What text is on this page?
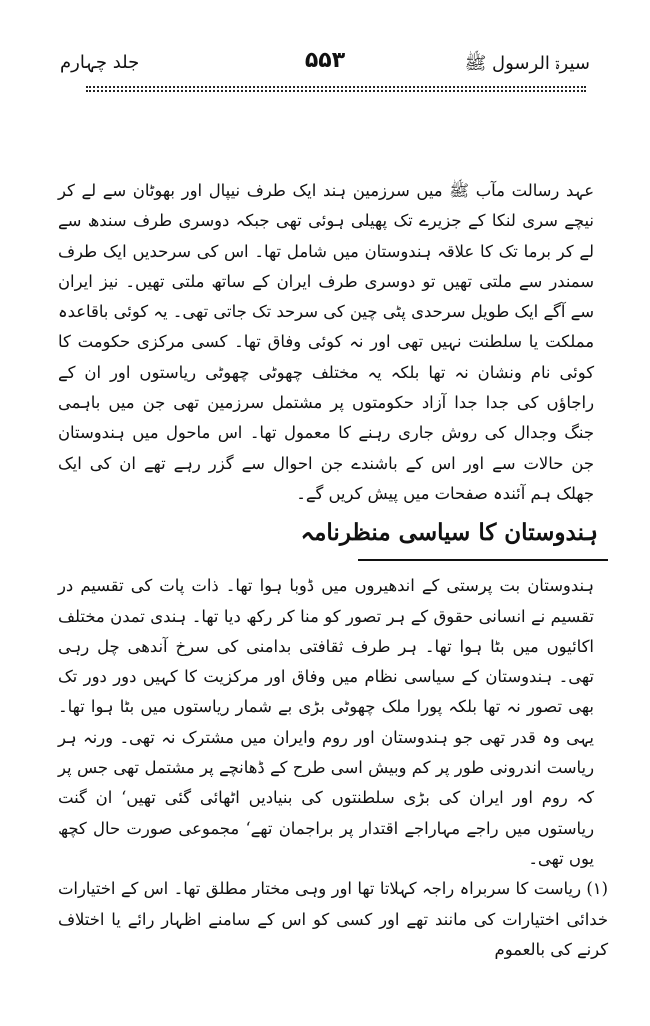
سیرۃ الرسول ﷺ
۵۵۳
جلد چہارم

عہد رسالت مآب ﷺ میں سرزمین ہند ایک طرف نیپال اور بھوٹان سے لے کر نیچے سری لنکا کے جزیرے تک پھیلی ہوئی تھی جبکہ دوسری طرف سندھ سے لے کر برما تک کا علاقہ ہندوستان میں شامل تھا۔ اس کی سرحدیں ایک طرف سمندر سے ملتی تھیں تو دوسری طرف ایران کے ساتھ ملتی تھیں۔ نیز ایران سے آگے ایک طویل سرحدی پٹی چین کی سرحد تک جاتی تھی۔ یہ کوئی باقاعدہ مملکت یا سلطنت نہیں تھی اور نہ کوئی وفاق تھا۔ کسی مرکزی حکومت کا کوئی نام ونشان نہ تھا بلکہ یہ مختلف چھوٹی چھوٹی ریاستوں اور ان کے راجاؤں کی جدا جدا آزاد حکومتوں پر مشتمل سرزمین تھی جن میں باہمی جنگ وجدال کی روش جاری رہنے کا معمول تھا۔ اس ماحول میں ہندوستان جن حالات سے اور اس کے باشندے جن احوال سے گزر رہے تھے ان کی ایک جھلک ہم آئندہ صفحات میں پیش کریں گے۔

ہندوستان کا سیاسی منظرنامہ

ہندوستان بت پرستی کے اندھیروں میں ڈوبا ہوا تھا۔ ذات پات کی تقسیم در تقسیم نے انسانی حقوق کے ہر تصور کو منا کر رکھ دیا تھا۔ ہندی تمدن مختلف اکائیوں میں بٹا ہوا تھا۔ ہر طرف ثقافتی بدامنی کی سرخ آندھی چل رہی تھی۔ ہندوستان کے سیاسی نظام میں وفاق اور مرکزیت کا کہیں دور دور تک بھی تصور نہ تھا بلکہ پورا ملک چھوٹی بڑی بے شمار ریاستوں میں بٹا ہوا تھا۔ یہی وہ قدر تھی جو ہندوستان اور روم وایران میں مشترک نہ تھی۔ ورنہ ہر ریاست اندرونی طور پر کم وبیش اسی طرح کے ڈھانچے پر مشتمل تھی جس پر کہ روم اور ایران کی بڑی سلطنتوں کی بنیادیں اٹھائی گئی تھیں‘ ان گنت ریاستوں میں راجے مہاراجے اقتدار پر براجمان تھے‘ مجموعی صورت حال کچھ یوں تھی۔

(۱) ریاست کا سربراہ راجہ کہلاتا تھا اور وہی مختار مطلق تھا۔ اس کے اختیارات خدائی اختیارات کی مانند تھے اور کسی کو اس کے سامنے اظہار رائے یا اختلاف کرنے کی بالعموم
